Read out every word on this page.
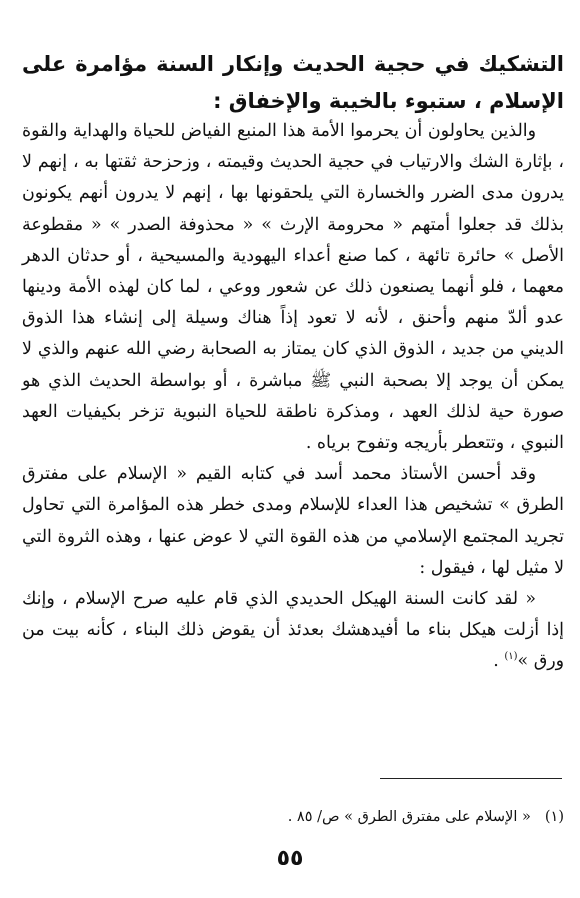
التشكيك في حجية الحديث وإنكار السنة مؤامرة على الإسلام ، ستبوء بالخيبة والإخفاق :

والذين يحاولون أن يحرموا الأمة هذا المنبع الفياض للحياة والهداية والقوة ، بإثارة الشك والارتياب في حجية الحديث وقيمته ، وزحزحة ثقتها به ، إنهم لا يدرون مدى الضرر والخسارة التي يلحقونها بها ، إنهم لا يدرون أنهم يكونون بذلك قد جعلوا أمتهم « محرومة الإرث » « محذوفة الصدر » « مقطوعة الأصل » حائرة تائهة ، كما صنع أعداء اليهودية والمسيحية ، أو حدثان الدهر معهما ، فلو أنهما يصنعون ذلك عن شعور ووعي ، لما كان لهذه الأمة ودينها عدو ألدّ منهم وأحنق ، لأنه لا تعود إذاً هناك وسيلة إلى إنشاء هذا الذوق الديني من جديد ، الذوق الذي كان يمتاز به الصحابة رضي الله عنهم والذي لا يمكن أن يوجد إلا بصحبة النبي ﷺ مباشرة ، أو بواسطة الحديث الذي هو صورة حية لذلك العهد ، ومذكرة ناطقة للحياة النبوية تزخر بكيفيات العهد النبوي ، وتتعطر بأريجه وتفوح برياه .

وقد أحسن الأستاذ محمد أسد في كتابه القيم « الإسلام على مفترق الطرق » تشخيص هذا العداء للإسلام ومدى خطر هذه المؤامرة التي تحاول تجريد المجتمع الإسلامي من هذه القوة التي لا عوض عنها ، وهذه الثروة التي لا مثيل لها ، فيقول :

« لقد كانت السنة الهيكل الحديدي الذي قام عليه صرح الإسلام ، وإنك إذا أزلت هيكل بناء ما أفيدهشك بعدئذ أن يقوض ذلك البناء ، كأنه بيت من ورق »$^{(١)}$ .

(١)« الإسلام على مفترق الطرق » ص/ ٨٥ .
٥٥
